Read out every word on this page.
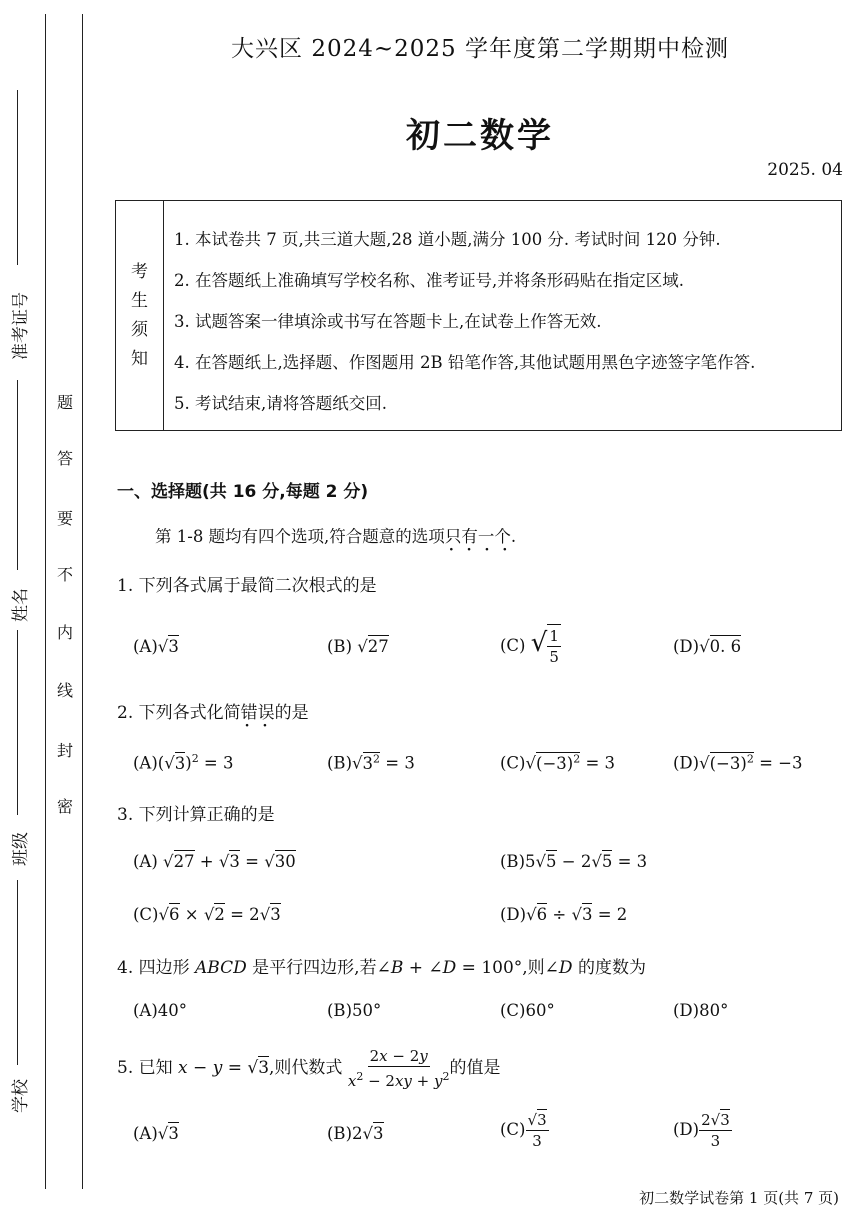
准考证号
姓名
班级
学校
题
答
要
不
内
线
封
密
大兴区 2024~2025 学年度第二学期期中检测
初二数学
2025. 04
考
生
须
知
1. 本试卷共 7 页,共三道大题,28 道小题,满分 100 分. 考试时间 120 分钟.
2. 在答题纸上准确填写学校名称、准考证号,并将条形码贴在指定区域.
3. 试题答案一律填涂或书写在答题卡上,在试卷上作答无效.
4. 在答题纸上,选择题、作图题用 2B 铅笔作答,其他试题用黑色字迹签字笔作答.
5. 考试结束,请将答题纸交回.
一、选择题(共 16 分,每题 2 分)
第 1-8 题均有四个选项,符合题意的选项只有一个
····
.
1. 下列各式属于最简二次根式的是
(A)√3	(B) √27	(C) √ $\frac{1}{5}$	(D)√0. 6
2. 下列各式化简错误
··
的是
$(A)(√3)^2 = 3$	$(B)√3^2 = 3$	$(C)√(-3)^2 = 3$	$(D)√(-3)^2 = -3$
3. 下列计算正确的是
(A) √27 + √3 = √30	(B)5√5 − 2√5 = 3
(C)√6 × √2 = 2√3	(D)√6 ÷ √3 = 2
4. 四边形 ABCD 是平行四边形,若∠B + ∠D = 100°,则∠D 的度数为
(A)40°	(B)50°	(C)60°	(D)80°
5. 已知 x − y = √3,则代数式 $\frac{2x - 2y}{x^2 - 2xy + y^2}$ 的值是
(A)√3	(B)2√3	$(C) \frac{√3}{3}$	$(D) \frac{2√3}{3}$
初二数学试卷第 1 页(共 7 页)
